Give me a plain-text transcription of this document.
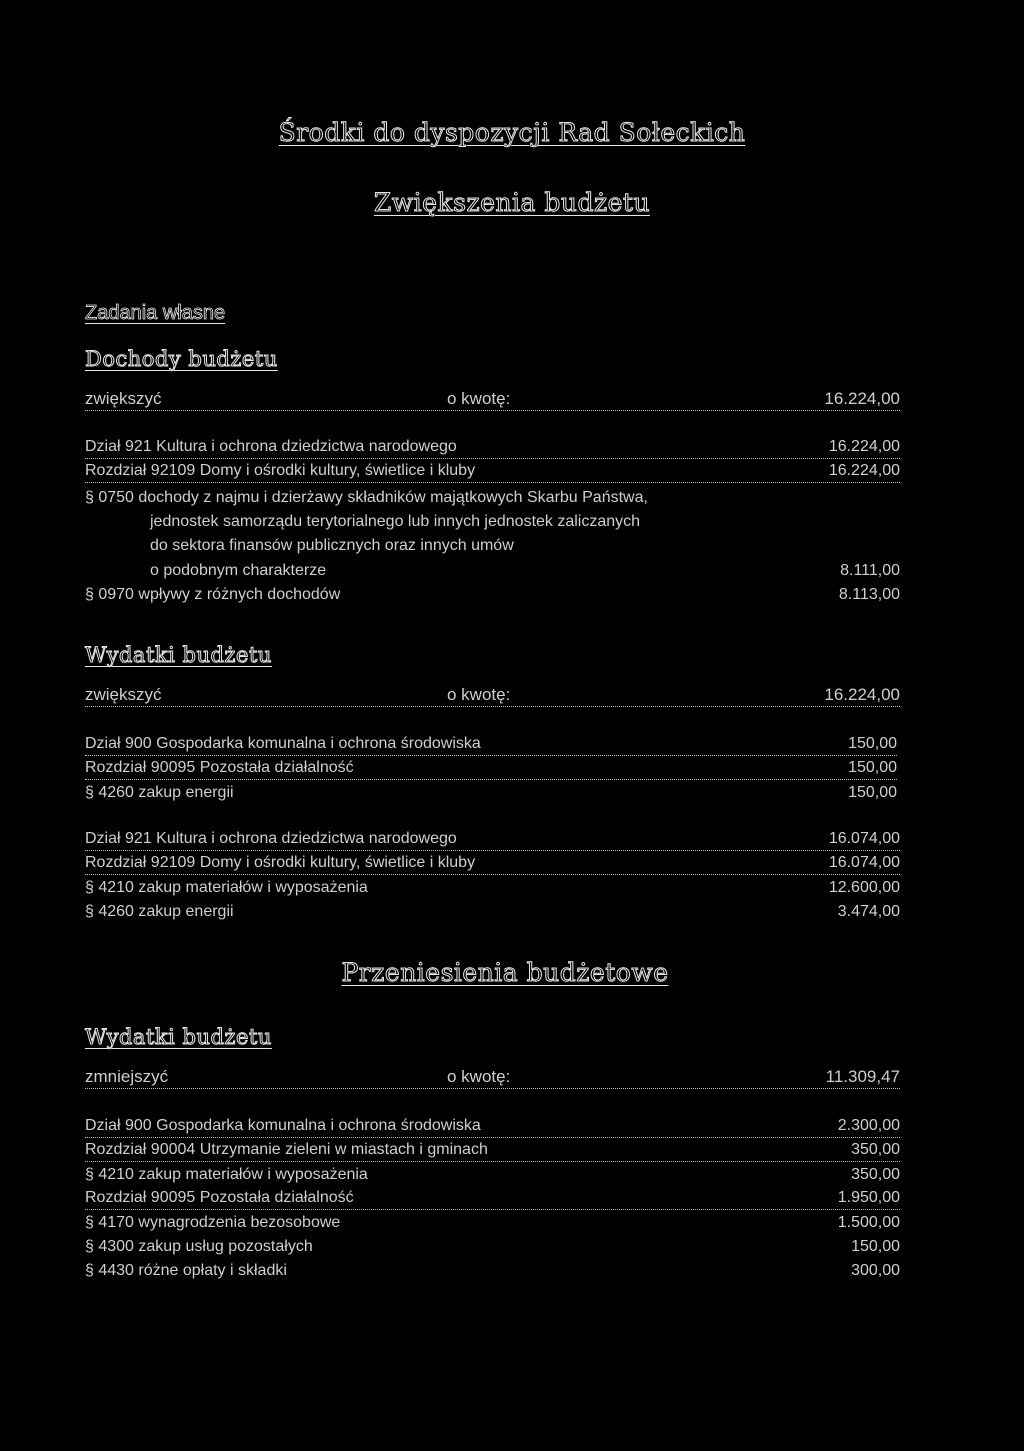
Środki do dyspozycji Rad Sołeckich
Zwiększenia budżetu
Zadania własne
Dochody budżetu
zwiększyć	o kwotę:	16.224,00
Dział 921 Kultura i ochrona dziedzictwa narodowego	16.224,00
Rozdział 92109 Domy i ośrodki kultury, świetlice i kluby	16.224,00
§ 0750 dochody z najmu i dzierżawy składników majątkowych Skarbu Państwa,
jednostek samorządu terytorialnego lub innych jednostek zaliczanych
do sektora finansów publicznych oraz innych umów
o podobnym charakterze	8.111,00
§ 0970 wpływy z różnych dochodów	8.113,00
Wydatki budżetu
zwiększyć	o kwotę:	16.224,00
Dział 900 Gospodarka komunalna i ochrona środowiska	150,00
Rozdział 90095 Pozostała działalność	150,00
§ 4260 zakup energii	150,00
Dział 921 Kultura i ochrona dziedzictwa narodowego	16.074,00
Rozdział 92109 Domy i ośrodki kultury, świetlice i kluby	16.074,00
§ 4210 zakup materiałów i wyposażenia	12.600,00
§ 4260 zakup energii	3.474,00
Przeniesienia budżetowe
Wydatki budżetu
zmniejszyć	o kwotę:	11.309,47
Dział 900 Gospodarka komunalna i ochrona środowiska	2.300,00
Rozdział 90004 Utrzymanie zieleni w miastach i gminach	350,00
§ 4210 zakup materiałów i wyposażenia	350,00
Rozdział 90095 Pozostała działalność	1.950,00
§ 4170 wynagrodzenia bezosobowe	1.500,00
§ 4300 zakup usług pozostałych	150,00
§ 4430 różne opłaty i składki	300,00
